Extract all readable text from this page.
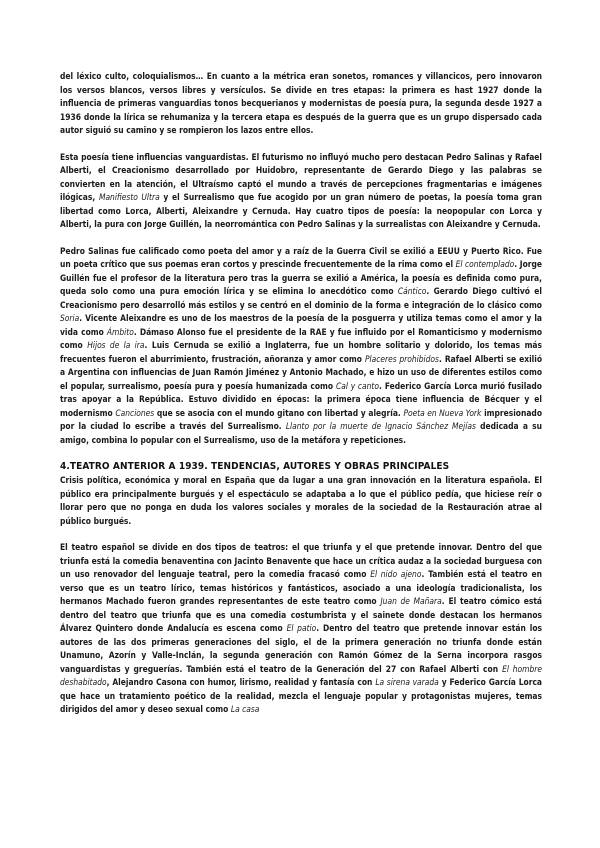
del léxico culto, coloquialismos… En cuanto a la métrica eran sonetos, romances y villancicos, pero innovaron los versos blancos, versos libres y versículos. Se divide en tres etapas: la primera es hast 1927 donde la influencia de primeras vanguardias tonos becquerianos y modernistas de poesía pura, la segunda desde 1927 a 1936 donde la lírica se rehumaniza y la tercera etapa es después de la guerra que es un grupo dispersado cada autor siguió su camino y se rompieron los lazos entre ellos.

Esta poesía tiene influencias vanguardistas. El futurismo no influyó mucho pero destacan Pedro Salinas y Rafael Alberti, el Creacionismo desarrollado por Huidobro, representante de Gerardo Diego y las palabras se convierten en la atención, el Ultraísmo captó el mundo a través de percepciones fragmentarias e imágenes ilógicas, Manifiesto Ultra y el Surrealismo que fue acogido por un gran número de poetas, la poesía toma gran libertad como Lorca, Alberti, Aleixandre y Cernuda. Hay cuatro tipos de poesía: la neopopular con Lorca y Alberti, la pura con Jorge Guillén, la neorromántica con Pedro Salinas y la surrealistas con Aleixandre y Cernuda.

Pedro Salinas fue calificado como poeta del amor y a raíz de la Guerra Civil se exilió a EEUU y Puerto Rico. Fue un poeta crítico que sus poemas eran cortos y prescinde frecuentemente de la rima como el El contemplado. Jorge Guillén fue el profesor de la literatura pero tras la guerra se exilió a América, la poesía es definida como pura, queda solo como una pura emoción lírica y se elimina lo anecdótico como Cántico. Gerardo Diego cultivó el Creacionismo pero desarrolló más estilos y se centró en el dominio de la forma e integración de lo clásico como Soria. Vicente Aleixandre es uno de los maestros de la poesía de la posguerra y utiliza temas como el amor y la vida como Ámbito. Dámaso Alonso fue el presidente de la RAE y fue influido por el Romanticismo y modernismo como Hijos de la ira. Luis Cernuda se exilió a Inglaterra, fue un hombre solitario y dolorido, los temas más frecuentes fueron el aburrimiento, frustración, añoranza y amor como Placeres prohibidos. Rafael Alberti se exilió a Argentina con influencias de Juan Ramón Jiménez y Antonio Machado, e hizo un uso de diferentes estilos como el popular, surrealismo, poesía pura y poesía humanizada como Cal y canto. Federico García Lorca murió fusilado tras apoyar a la República. Estuvo dividido en épocas: la primera época tiene influencia de Bécquer y el modernismo Canciones que se asocia con el mundo gitano con libertad y alegría. Poeta en Nueva York impresionado por la ciudad lo escribe a través del Surrealismo. Llanto por la muerte de Ignacio Sánchez Mejías dedicada a su amigo, combina lo popular con el Surrealismo, uso de la metáfora y repeticiones.

4.TEATRO ANTERIOR A 1939. TENDENCIAS, AUTORES Y OBRAS PRINCIPALES

Crisis política, económica y moral en España que da lugar a una gran innovación en la literatura española. El público era principalmente burgués y el espectáculo se adaptaba a lo que el público pedía, que hiciese reír o llorar pero que no ponga en duda los valores sociales y morales de la sociedad de la Restauración atrae al público burgués.

El teatro español se divide en dos tipos de teatros: el que triunfa y el que pretende innovar. Dentro del que triunfa está la comedia benaventina con Jacinto Benavente que hace un crítica audaz a la sociedad burguesa con un uso renovador del lenguaje teatral, pero la comedia fracasó como El nido ajeno. También está el teatro en verso que es un teatro lírico, temas históricos y fantásticos, asociado a una ideología tradicionalista, los hermanos Machado fueron grandes representantes de este teatro como Juan de Mañara. El teatro cómico está dentro del teatro que triunfa que es una comedia costumbrista y el sainete donde destacan los hermanos Álvarez Quintero donde Andalucía es escena como El patio. Dentro del teatro que pretende innovar están los autores de las dos primeras generaciones del siglo, el de la primera generación no triunfa donde están Unamuno, Azorín y Valle-Inclán, la segunda generación con Ramón Gómez de la Serna incorpora rasgos vanguardistas y greguerías. También está el teatro de la Generación del 27 con Rafael Alberti con El hombre deshabitado, Alejandro Casona con humor, lirismo, realidad y fantasía con La sirena varada y Federico García Lorca que hace un tratamiento poético de la realidad, mezcla el lenguaje popular y protagonistas mujeres, temas dirigidos del amor y deseo sexual como La casa
